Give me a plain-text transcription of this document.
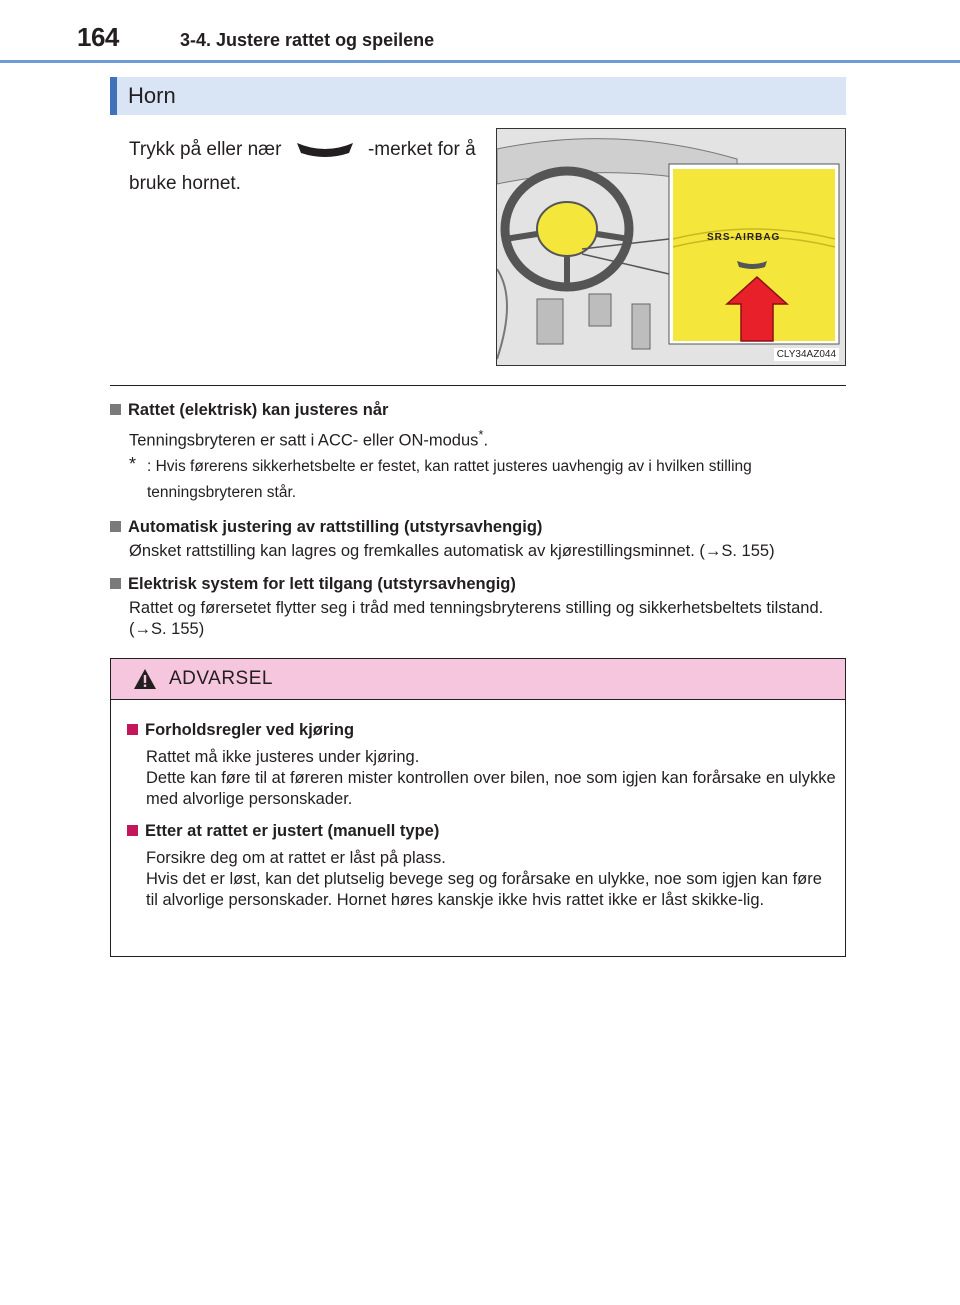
164	3-4. Justere rattet og speilene
Horn
Trykk på eller nær	-merket for å bruke hornet.
SRS-AIRBAG
CLY34AZ044
Rattet (elektrisk) kan justeres når
Tenningsbryteren er satt i ACC- eller ON-modus*.
* : Hvis førerens sikkerhetsbelte er festet, kan rattet justeres uavhengig av i hvilken stilling tenningsbryteren står.
Automatisk justering av rattstilling (utstyrsavhengig)
Ønsket rattstilling kan lagres og fremkalles automatisk av kjørestillingsminnet. (→S. 155)
Elektrisk system for lett tilgang (utstyrsavhengig)
Rattet og førersetet flytter seg i tråd med tenningsbryterens stilling og sikkerhetsbeltets tilstand. (→S. 155)
ADVARSEL
Forholdsregler ved kjøring
Rattet må ikke justeres under kjøring.
Dette kan føre til at føreren mister kontrollen over bilen, noe som igjen kan forårsake en ulykke med alvorlige personskader.
Etter at rattet er justert (manuell type)
Forsikre deg om at rattet er låst på plass.
Hvis det er løst, kan det plutselig bevege seg og forårsake en ulykke, noe som igjen kan føre til alvorlige personskader. Hornet høres kanskje ikke hvis rattet ikke er låst skikke-lig.
